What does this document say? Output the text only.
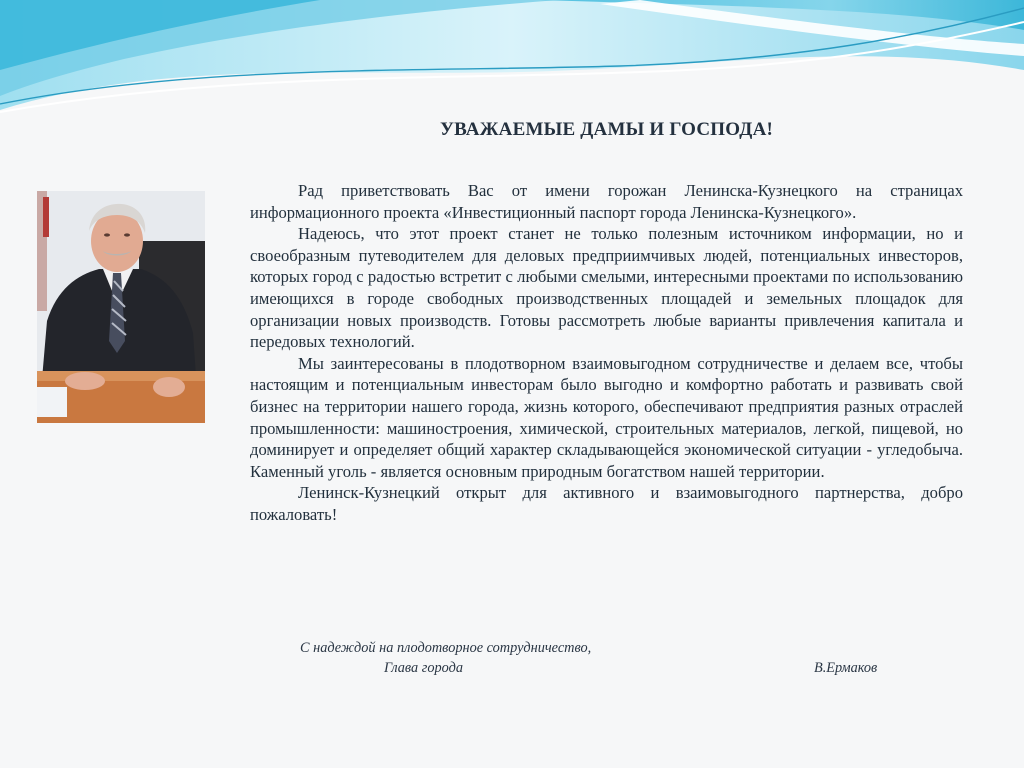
УВАЖАЕМЫЕ ДАМЫ И ГОСПОДА!

Рад приветствовать Вас от имени горожан Ленинска-Кузнецкого на страницах информационного проекта «Инвестиционный паспорт города Ленинска-Кузнецкого».

Надеюсь, что этот проект станет не только полезным источником информации, но и своеобразным путеводителем для деловых предприимчивых людей, потенциальных инвесторов, которых город с радостью встретит с любыми смелыми, интересными проектами по использованию имеющихся в городе свободных производственных площадей и земельных площадок для организации новых производств. Готовы рассмотреть любые варианты привлечения капитала и передовых технологий.

Мы заинтересованы в плодотворном взаимовыгодном сотрудничестве и делаем все, чтобы настоящим и потенциальным инвесторам было выгодно и комфортно работать и развивать свой бизнес на территории нашего города, жизнь которого, обеспечивают предприятия разных отраслей промышленности: машиностроения, химической, строительных материалов, легкой, пищевой, но доминирует и определяет общий характер складывающейся экономической ситуации - угледобыча. Каменный уголь - является основным природным богатством нашей территории.

Ленинск-Кузнецкий открыт для активного и взаимовыгодного партнерства, добро пожаловать!

С надеждой на плодотворное сотрудничество,
Глава города	В.Ермаков
